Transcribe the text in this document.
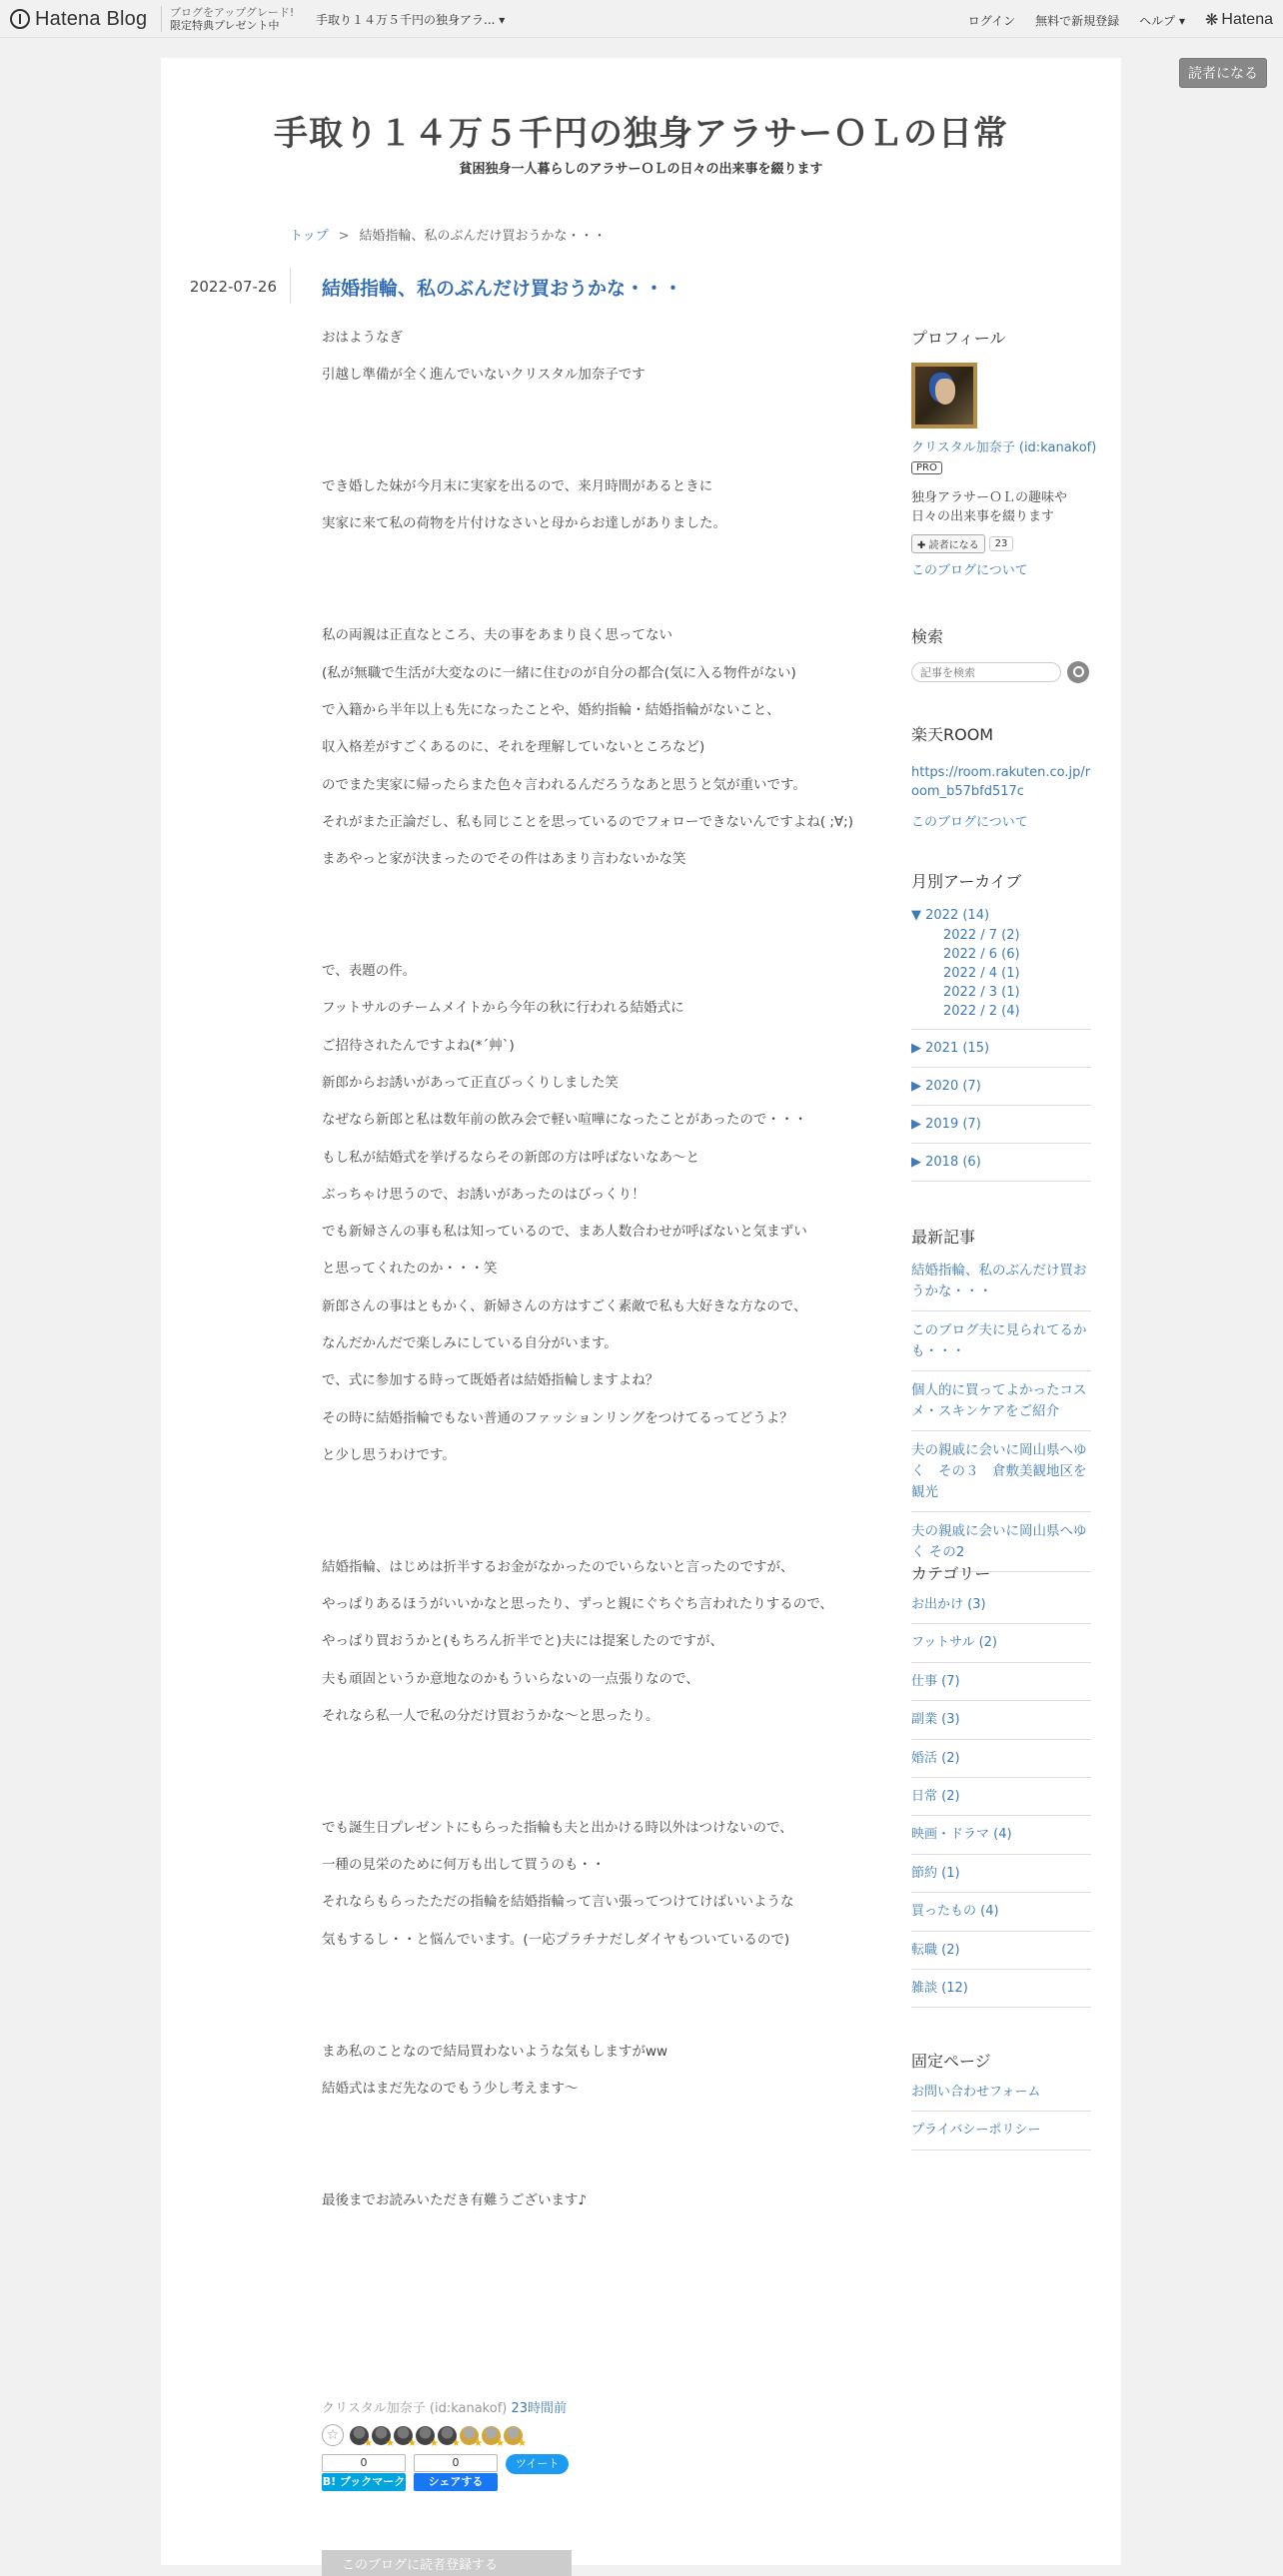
Hatena Blog ブログをアップグレード!
限定特典プレゼント中	手取り１４万５千円の独身アラ... ▾	ログイン 無料で新規登録 ヘルプ ▾ ❋ Hatena
読者になる
手取り１４万５千円の独身アラサーＯＬの日常
貧困独身一人暮らしのアラサーＯＬの日々の出来事を綴ります
トップ > 結婚指輪、私のぶんだけ買おうかな・・・
2022-07-26	結婚指輪、私のぶんだけ買おうかな・・・

おはようなぎ

引越し準備が全く進んでいないクリスタル加奈子です

でき婚した妹が今月末に実家を出るので、来月時間があるときに

実家に来て私の荷物を片付けなさいと母からお達しがありました。

私の両親は正直なところ、夫の事をあまり良く思ってない

(私が無職で生活が大変なのに一緒に住むのが自分の都合(気に入る物件がない)

で入籍から半年以上も先になったことや、婚約指輪・結婚指輪がないこと、

収入格差がすごくあるのに、それを理解していないところなど)

のでまた実家に帰ったらまた色々言われるんだろうなあと思うと気が重いです。

それがまた正論だし、私も同じことを思っているのでフォローできないんですよね( ;∀;)

まあやっと家が決まったのでその件はあまり言わないかな笑

で、表題の件。

フットサルのチームメイトから今年の秋に行われる結婚式に

ご招待されたんですよね(*´艸`)

新郎からお誘いがあって正直びっくりしました笑

なぜなら新郎と私は数年前の飲み会で軽い喧嘩になったことがあったので・・・

もし私が結婚式を挙げるならその新郎の方は呼ばないなあ～と

ぶっちゃけ思うので、お誘いがあったのはびっくり！

でも新婦さんの事も私は知っているので、まあ人数合わせが呼ばないと気まずい

と思ってくれたのか・・・笑

新郎さんの事はともかく、新婦さんの方はすごく素敵で私も大好きな方なので、

なんだかんだで楽しみにしている自分がいます。

で、式に参加する時って既婚者は結婚指輪しますよね？

その時に結婚指輪でもない普通のファッションリングをつけてるってどうよ？

と少し思うわけです。

結婚指輪、はじめは折半するお金がなかったのでいらないと言ったのですが、

やっぱりあるほうがいいかなと思ったり、ずっと親にぐちぐち言われたりするので、

やっぱり買おうかと(もちろん折半でと)夫には提案したのですが、

夫も頑固というか意地なのかもういらないの一点張りなので、

それなら私一人で私の分だけ買おうかな～と思ったり。

でも誕生日プレゼントにもらった指輪も夫と出かける時以外はつけないので、

一種の見栄のために何万も出して買うのも・・

それならもらったただの指輪を結婚指輪って言い張ってつけてけばいいような

気もするし・・と悩んでいます。(一応プラチナだしダイヤもついているので)

まあ私のことなので結局買わないような気もしますがww

結婚式はまだ先なのでもう少し考えます～

最後までお読みいただき有難うございます♪

クリスタル加奈子 (id:kanakof) 23時間前
☆
★
★
★
★
★
★
★
★
0
B! ブックマーク
0
シェアする
ツイート
このブログに読者登録する
プロフィール
クリスタル加奈子 (id:kanakof)
PRO
独身アラサーＯＬの趣味や日々の出来事を綴ります
✚ 読者になる	23
このブログについて
検索
記事を検索
楽天ROOM
https://room.rakuten.co.jp/room_b57bfd517c
このブログについて
月別アーカイブ
▼ 2022 (14)
2022 / 7 (2)
2022 / 6 (6)
2022 / 4 (1)
2022 / 3 (1)
2022 / 2 (4)
▶ 2021 (15)
▶ 2020 (7)
▶ 2019 (7)
▶ 2018 (6)
最新記事
結婚指輪、私のぶんだけ買おうかな・・・
このブログ夫に見られてるかも・・・
個人的に買ってよかったコスメ・スキンケアをご紹介
夫の親戚に会いに岡山県へゆく　その３　倉敷美観地区を観光
夫の親戚に会いに岡山県へゆく その2
カテゴリー
お出かけ (3)
フットサル (2)
仕事 (7)
副業 (3)
婚活 (2)
日常 (2)
映画・ドラマ (4)
節約 (1)
買ったもの (4)
転職 (2)
雑談 (12)
固定ページ
お問い合わせフォーム
プライバシーポリシー
